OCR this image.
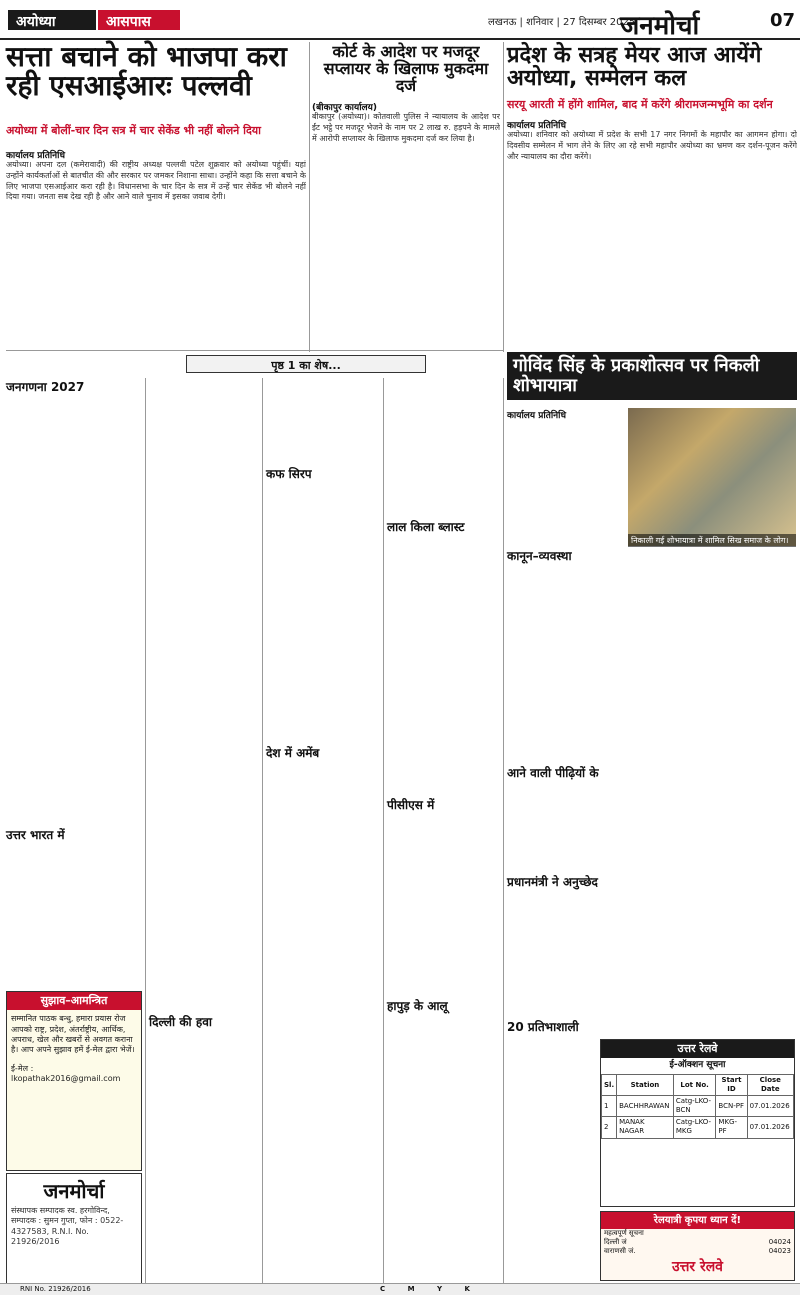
अयोध्या	आसपास	लखनऊ | शनिवार | 27 दिसम्बर 2025
जनमोर्चा	07
सत्ता बचाने को भाजपा करा रही एसआईआरः पल्लवी
अयोध्या में बोलीं-चार दिन सत्र में चार सेकेंड भी नहीं बोलने दिया
कार्यालय प्रतिनिधि
अयोध्या। अपना दल (कमेरावादी) की राष्ट्रीय अध्यक्ष पल्लवी पटेल शुक्रवार को अयोध्या पहुंचीं। यहां उन्होंने कार्यकर्ताओं से बातचीत की और सरकार पर जमकर निशाना साधा। उन्होंने कहा कि सत्ता बचाने के लिए भाजपा एसआईआर करा रही है। विधानसभा के चार दिन के सत्र में उन्हें चार सेकेंड भी बोलने नहीं दिया गया। जनता सब देख रही है और आने वाले चुनाव में इसका जवाब देगी।
कोर्ट के आदेश पर मजदूर सप्लायर के खिलाफ मुकदमा दर्ज
(बीकापुर कार्यालय)
बीकापुर (अयोध्या)। कोतवाली पुलिस ने न्यायालय के आदेश पर ईंट भट्ठे पर मजदूर भेजने के नाम पर 2 लाख रु. हड़पने के मामले में आरोपी सप्लायर के खिलाफ मुकदमा दर्ज कर लिया है।
प्रदेश के सत्रह मेयर आज आयेंगे अयोध्या, सम्मेलन कल
सरयू आरती में होंगे शामिल, बाद में करेंगे श्रीरामजन्मभूमि का दर्शन
कार्यालय प्रतिनिधि
अयोध्या। शनिवार को अयोध्या में प्रदेश के सभी 17 नगर निगमों के महापौर का आगमन होगा। दो दिवसीय सम्मेलन में भाग लेने के लिए आ रहे सभी महापौर अयोध्या का भ्रमण कर दर्शन-पूजन करेंगे और न्यायालय का दौरा करेंगे।
पृष्ठ 1 का शेष...
जनगणना 2027
उत्तर भारत में
दिल्ली की हवा
कफ सिरप
देश में अमेंब
लाल किला ब्लास्ट
पीसीएस में
हापुड़ के आलू
कानून–व्यवस्था
प्रधानमंत्री ने अनुच्छेद
गोविंद सिंह के प्रकाशोत्सव पर निकली शोभायात्रा
कार्यालय प्रतिनिधि
निकाली गई शोभायात्रा में शामिल सिख समाज के लोग।
आने वाली पीढ़ियों के
20 प्रतिभाशाली
सुझाव–आमन्त्रित
सम्मानित पाठक बन्धु, हमारा प्रयास रोज आपको राष्ट्र, प्रदेश, अंतर्राष्ट्रीय, आर्थिक, अपराध, खेल और खबरों से अवगत कराना है। आप अपने सुझाव हमें ई-मेल द्वारा भेजें।
ई-मेल : lkopathak2016@gmail.com
जनमोर्चा
संस्थापक सम्पादक स्व. हरगोविन्द, सम्पादक : सुमन गुप्ता, फोन : 0522-4327583, R.N.I. No. 21926/2016
उत्तर रेलवे
ई-ऑक्शन सूचना
Sl.	Station	Lot No.	Start ID	Close Date
1	BACHHRAWAN	Catg-LKO-BCN	BCN-PF	07.01.2026
2	MANAK NAGAR	Catg-LKO-MKG	MKG-PF	07.01.2026
रेलयात्री कृपया ध्यान दें!
महत्वपूर्ण सूचना
दिल्ली जं	04024
वाराणसी जं.	04023
उत्तर रेलवे
RNI No. 21926/2016	C M Y K
